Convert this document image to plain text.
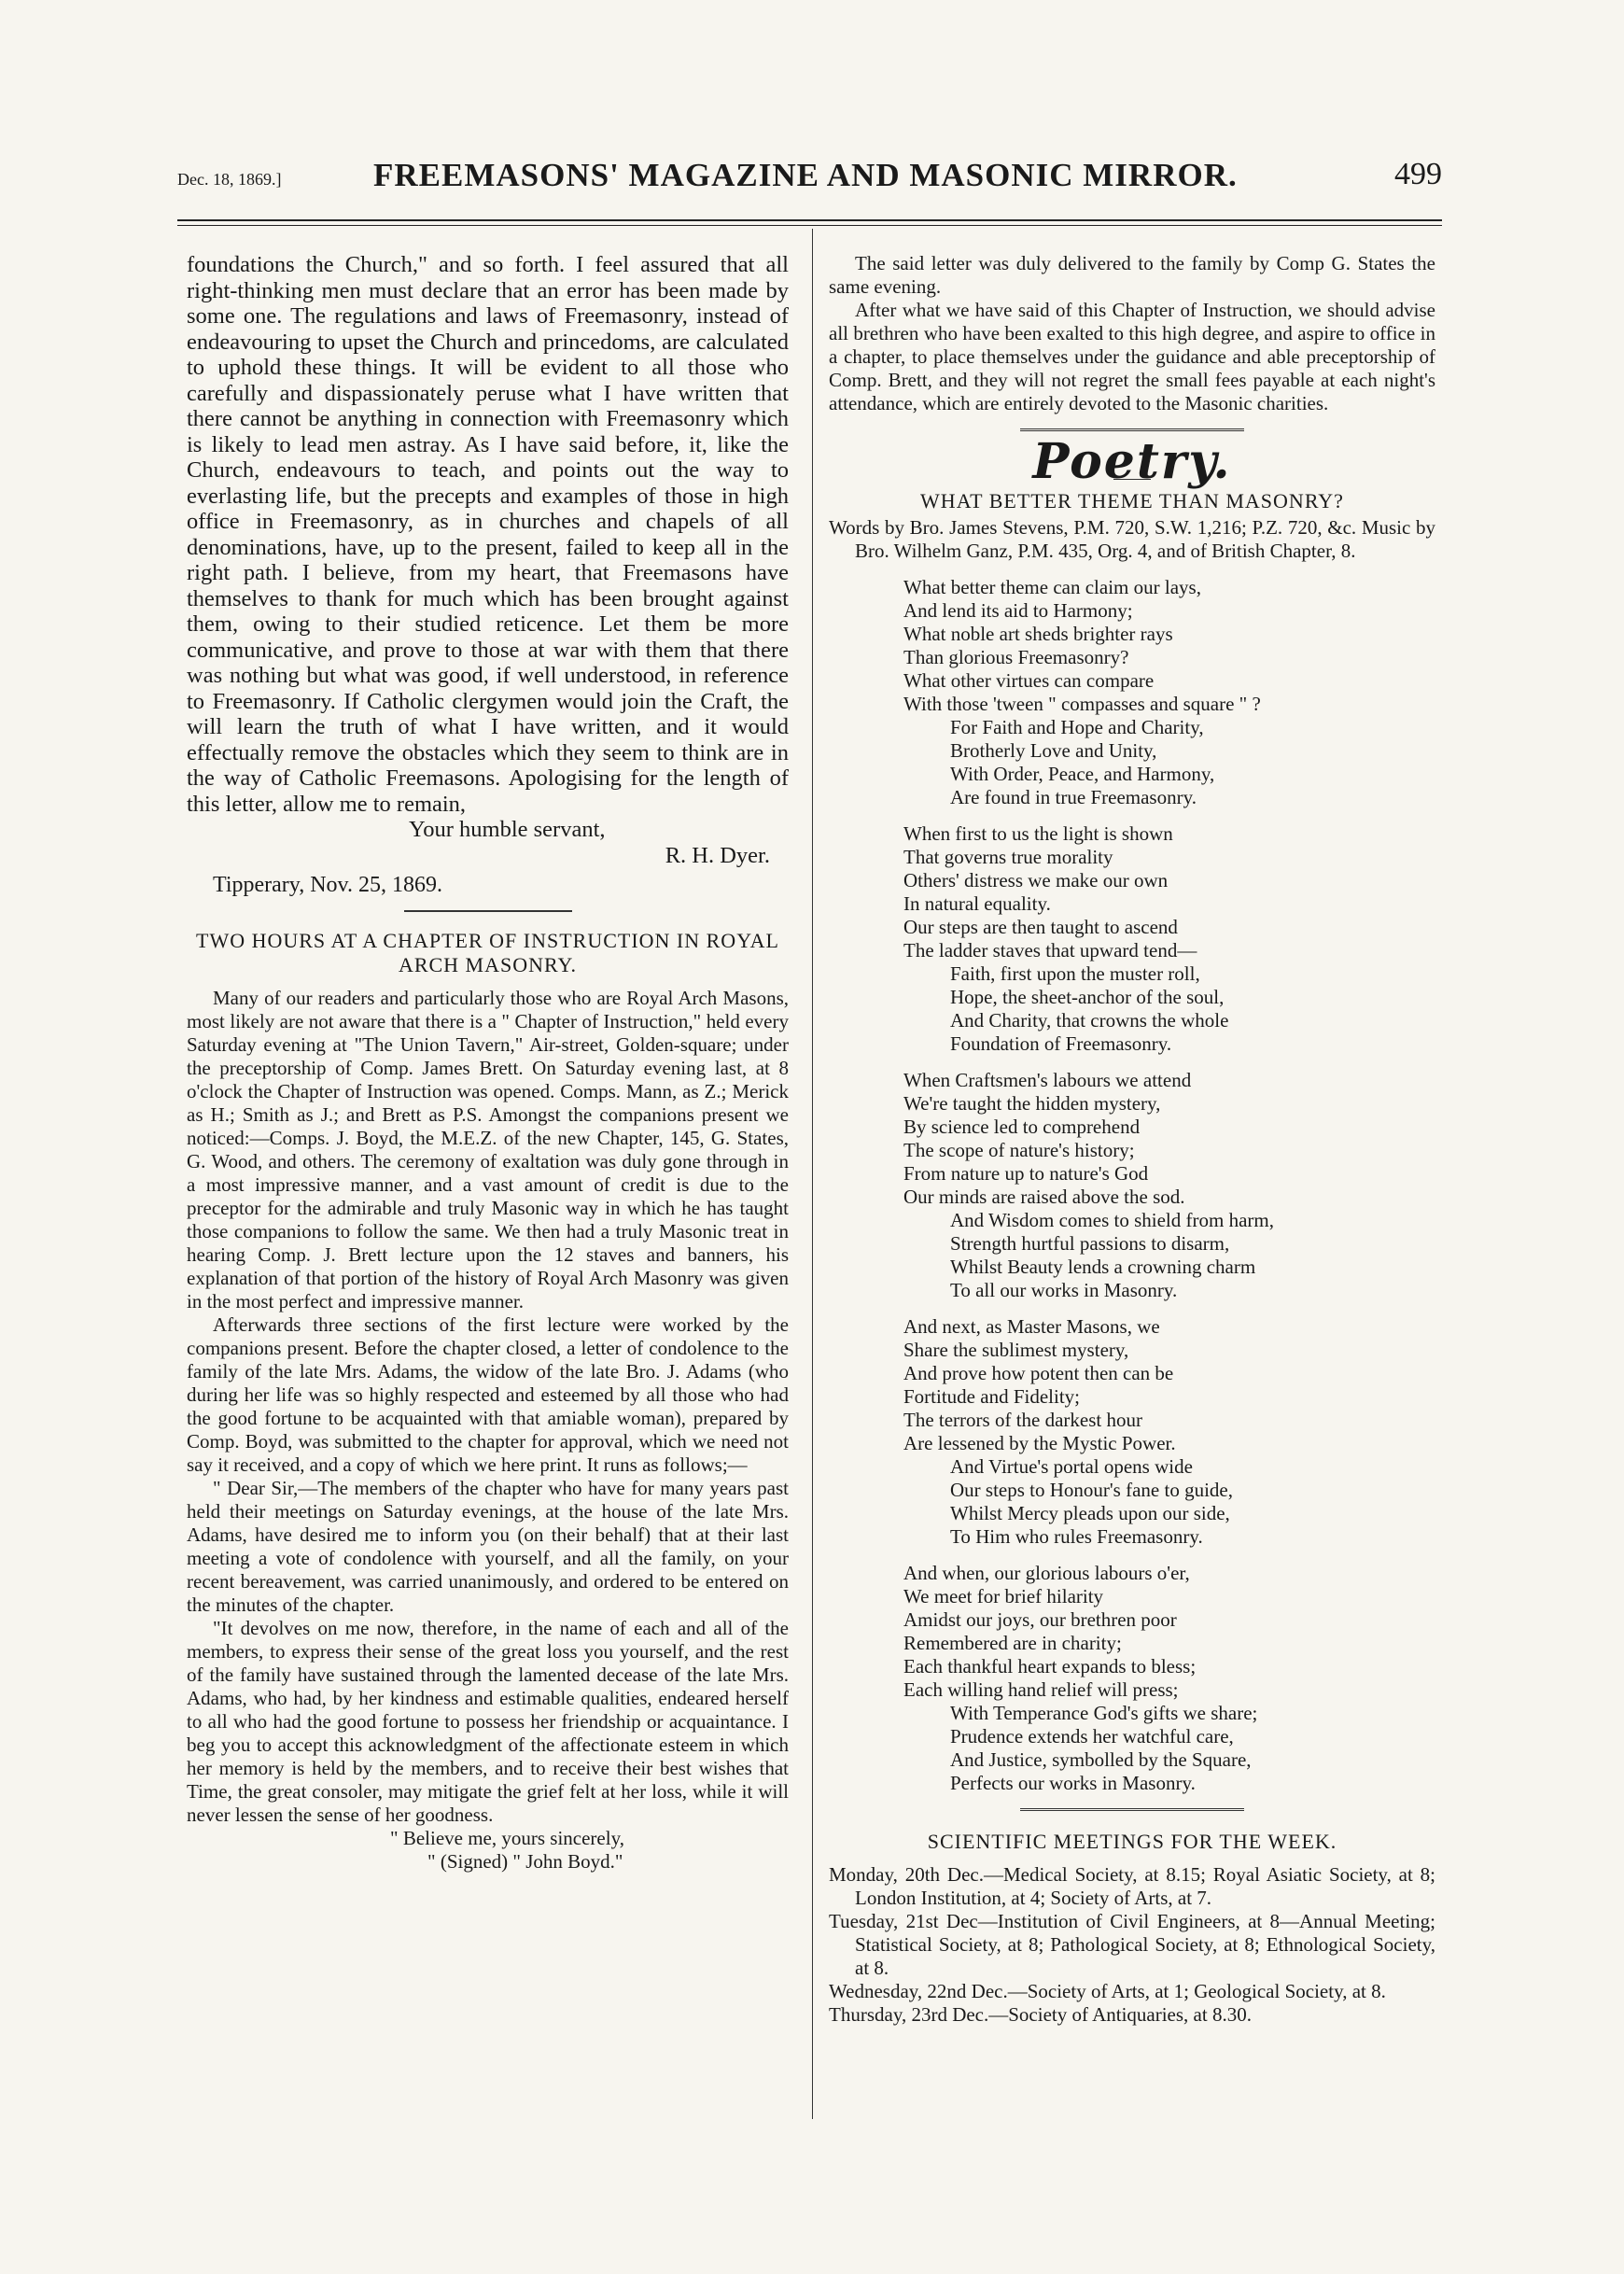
Dec. 18, 1869.]	FREEMASONS' MAGAZINE AND MASONIC MIRROR.	499

foundations the Church," and so forth. I feel assured that all right-thinking men must declare that an error has been made by some one. The regulations and laws of Freemasonry, instead of endeavouring to upset the Church and princedoms, are calculated to uphold these things. It will be evident to all those who carefully and dispassionately peruse what I have written that there cannot be anything in connection with Freemasonry which is likely to lead men astray. As I have said before, it, like the Church, endeavours to teach, and points out the way to everlasting life, but the precepts and examples of those in high office in Freemasonry, as in churches and chapels of all denominations, have, up to the present, failed to keep all in the right path. I believe, from my heart, that Freemasons have themselves to thank for much which has been brought against them, owing to their studied reticence. Let them be more communicative, and prove to those at war with them that there was nothing but what was good, if well understood, in reference to Freemasonry. If Catholic clergymen would join the Craft, the will learn the truth of what I have written, and it would effectually remove the obstacles which they seem to think are in the way of Catholic Freemasons. Apologising for the length of this letter, allow me to remain,

Your humble servant,

R. H. Dyer.

Tipperary, Nov. 25, 1869.

TWO HOURS AT A CHAPTER OF INSTRUCTION IN ROYAL ARCH MASONRY.

Many of our readers and particularly those who are Royal Arch Masons, most likely are not aware that there is a " Chapter of Instruction," held every Saturday evening at "The Union Tavern," Air-street, Golden-square; under the preceptorship of Comp. James Brett. On Saturday evening last, at 8 o'clock the Chapter of Instruction was opened. Comps. Mann, as Z.; Merick as H.; Smith as J.; and Brett as P.S. Amongst the companions present we noticed:—Comps. J. Boyd, the M.E.Z. of the new Chapter, 145, G. States, G. Wood, and others. The ceremony of exaltation was duly gone through in a most impressive manner, and a vast amount of credit is due to the preceptor for the admirable and truly Masonic way in which he has taught those companions to follow the same. We then had a truly Masonic treat in hearing Comp. J. Brett lecture upon the 12 staves and banners, his explanation of that portion of the history of Royal Arch Masonry was given in the most perfect and impressive manner.

Afterwards three sections of the first lecture were worked by the companions present. Before the chapter closed, a letter of condolence to the family of the late Mrs. Adams, the widow of the late Bro. J. Adams (who during her life was so highly respected and esteemed by all those who had the good fortune to be acquainted with that amiable woman), prepared by Comp. Boyd, was submitted to the chapter for approval, which we need not say it received, and a copy of which we here print. It runs as follows;—

" Dear Sir,—The members of the chapter who have for many years past held their meetings on Saturday evenings, at the house of the late Mrs. Adams, have desired me to inform you (on their behalf) that at their last meeting a vote of condolence with yourself, and all the family, on your recent bereavement, was carried unanimously, and ordered to be entered on the minutes of the chapter.

"It devolves on me now, therefore, in the name of each and all of the members, to express their sense of the great loss you yourself, and the rest of the family have sustained through the lamented decease of the late Mrs. Adams, who had, by her kindness and estimable qualities, endeared herself to all who had the good fortune to possess her friendship or acquaintance. I beg you to accept this acknowledgment of the affectionate esteem in which her memory is held by the members, and to receive their best wishes that Time, the great consoler, may mitigate the grief felt at her loss, while it will never lessen the sense of her goodness.

" Believe me, yours sincerely,

" (Signed) " John Boyd."

The said letter was duly delivered to the family by Comp G. States the same evening.

After what we have said of this Chapter of Instruction, we should advise all brethren who have been exalted to this high degree, and aspire to office in a chapter, to place themselves under the guidance and able preceptorship of Comp. Brett, and they will not regret the small fees payable at each night's attendance, which are entirely devoted to the Masonic charities.

Poetry.
WHAT BETTER THEME THAN MASONRY?

Words by Bro. James Stevens, P.M. 720, S.W. 1,216; P.Z. 720, &c. Music by Bro. Wilhelm Ganz, P.M. 435, Org. 4, and of British Chapter, 8.

What better theme can claim our lays,
And lend its aid to Harmony;
What noble art sheds brighter rays
Than glorious Freemasonry?
What other virtues can compare
With those 'tween " compasses and square " ?
For Faith and Hope and Charity,
Brotherly Love and Unity,
With Order, Peace, and Harmony,
Are found in true Freemasonry.
When first to us the light is shown
That governs true morality
Others' distress we make our own
In natural equality.
Our steps are then taught to ascend
The ladder staves that upward tend—
Faith, first upon the muster roll,
Hope, the sheet-anchor of the soul,
And Charity, that crowns the whole
Foundation of Freemasonry.
When Craftsmen's labours we attend
We're taught the hidden mystery,
By science led to comprehend
The scope of nature's history;
From nature up to nature's God
Our minds are raised above the sod.
And Wisdom comes to shield from harm,
Strength hurtful passions to disarm,
Whilst Beauty lends a crowning charm
To all our works in Masonry.
And next, as Master Masons, we
Share the sublimest mystery,
And prove how potent then can be
Fortitude and Fidelity;
The terrors of the darkest hour
Are lessened by the Mystic Power.
And Virtue's portal opens wide
Our steps to Honour's fane to guide,
Whilst Mercy pleads upon our side,
To Him who rules Freemasonry.
And when, our glorious labours o'er,
We meet for brief hilarity
Amidst our joys, our brethren poor
Remembered are in charity;
Each thankful heart expands to bless;
Each willing hand relief will press;
With Temperance God's gifts we share;
Prudence extends her watchful care,
And Justice, symbolled by the Square,
Perfects our works in Masonry.
SCIENTIFIC MEETINGS FOR THE WEEK.

Monday, 20th Dec.—Medical Society, at 8.15; Royal Asiatic Society, at 8; London Institution, at 4; Society of Arts, at 7.

Tuesday, 21st Dec—Institution of Civil Engineers, at 8—Annual Meeting; Statistical Society, at 8; Pathological Society, at 8; Ethnological Society, at 8.

Wednesday, 22nd Dec.—Society of Arts, at 1; Geological Society, at 8.

Thursday, 23rd Dec.—Society of Antiquaries, at 8.30.
